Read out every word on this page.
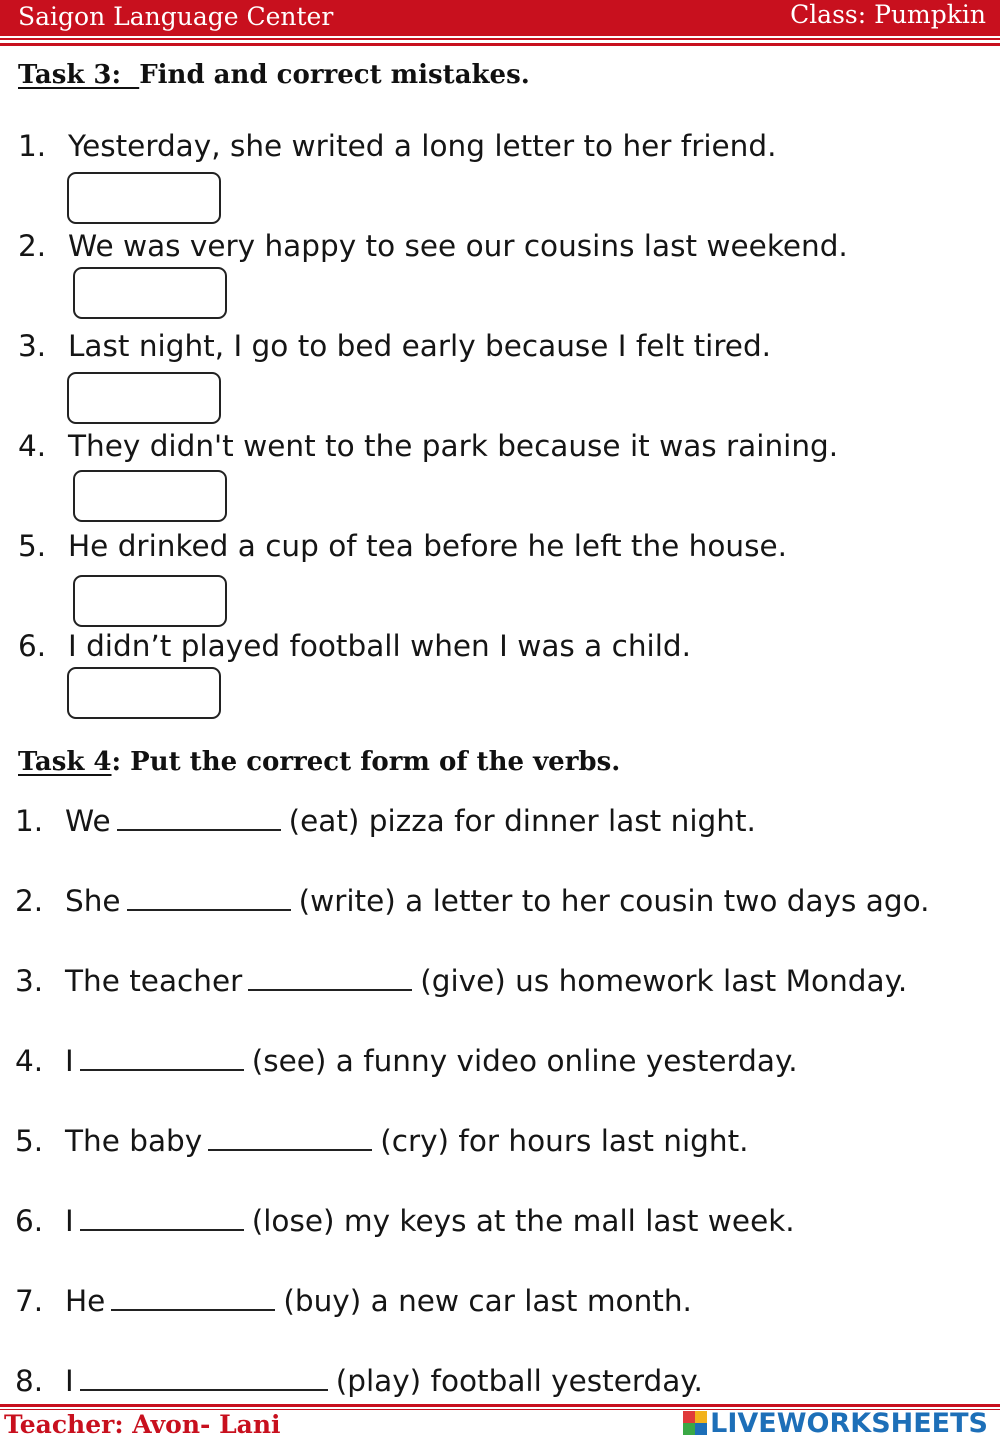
Saigon Language Center	Class: Pumpkin
Task 3:  Find and correct mistakes.
1. Yesterday, she writed a long letter to her friend.
2. We was very happy to see our cousins last weekend.
3. Last night, I go to bed early because I felt tired.
4. They didn't went to the park because it was raining.
5. He drinked a cup of tea before he left the house.
6. I didn’t played football when I was a child.
Task 4: Put the correct form of the verbs.
1. We	(eat) pizza for dinner last night.
2. She	(write) a letter to her cousin two days ago.
3. The teacher	(give) us homework last Monday.
4. I	(see) a funny video online yesterday.
5. The baby	(cry) for hours last night.
6. I	(lose) my keys at the mall last week.
7. He	(buy) a new car last month.
8. I	(play) football yesterday.
Teacher: Avon- Lani	LIVEWORKSHEETS
